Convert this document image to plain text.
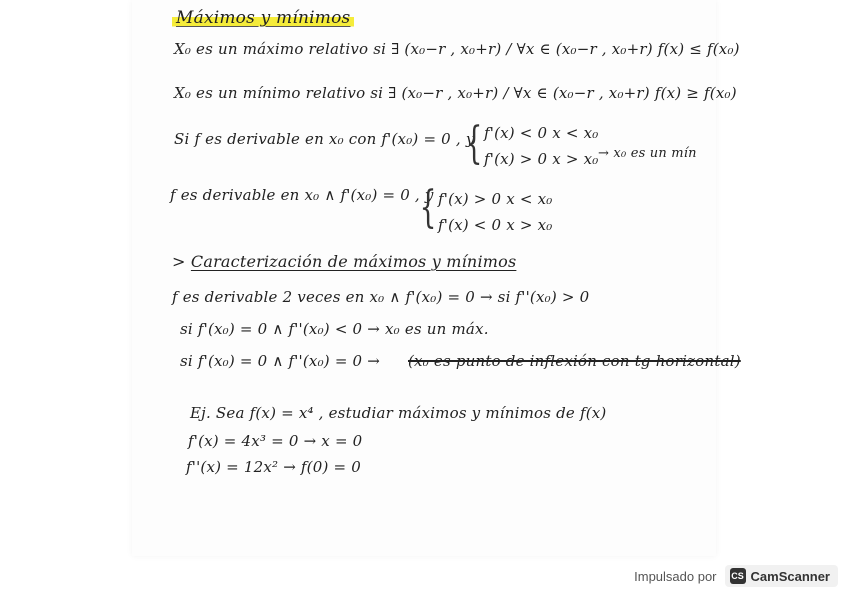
Máximos y mínimos
X₀ es un máximo relativo si ∃ (x₀−r , x₀+r) / ∀x ∈ (x₀−r , x₀+r) f(x) ≤ f(x₀)
X₀ es un mínimo relativo si ∃ (x₀−r , x₀+r) / ∀x ∈ (x₀−r , x₀+r) f(x) ≥ f(x₀)
Si f es derivable en x₀ con f'(x₀) = 0 , y
{ f'(x) < 0 x < x₀
f'(x) > 0 x > x₀ → x₀ es un mín
f es derivable en x₀ ∧ f'(x₀) = 0 , y
{ f'(x) > 0 x < x₀
f'(x) < 0 x > x₀
> Caracterización de máximos y mínimos
f es derivable 2 veces en x₀ ∧ f'(x₀) = 0 → si f''(x₀) > 0
si f'(x₀) = 0 ∧ f''(x₀) < 0 → x₀ es un máx.
si f'(x₀) = 0 ∧ f''(x₀) = 0 → (x₀ es punto de inflexión con tg horizontal)
Ej. Sea f(x) = x⁴ , estudiar máximos y mínimos de f(x)
f'(x) = 4x³ = 0 → x = 0
f''(x) = 12x² → f(0) = 0
Impulsado por CS CamScanner
